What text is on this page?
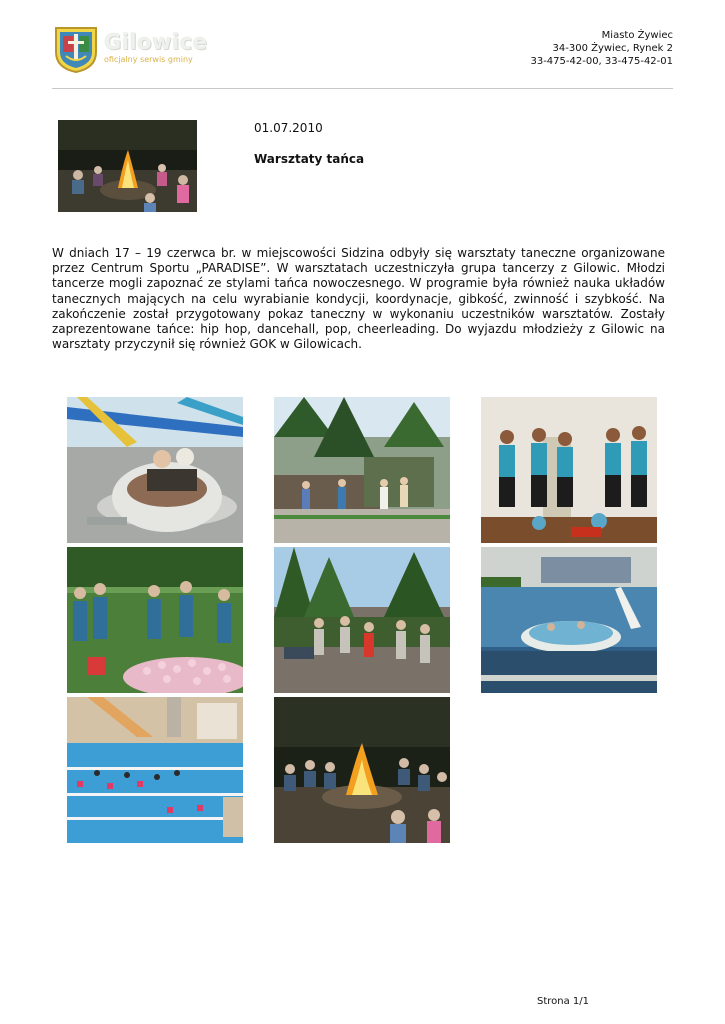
Gilowice
oficjalny serwis gminy
Miasto Żywiec
34-300 Żywiec, Rynek 2
33-475-42-00, 33-475-42-01
01.07.2010
Warsztaty tańca
W dniach 17 – 19 czerwca br. w miejscowości Sidzina odbyły się warsztaty taneczne organizowane przez Centrum Sportu „PARADISE”. W warsztatach uczestniczyła grupa tancerzy z Gilowic. Młodzi tancerze mogli zapoznać ze stylami tańca nowoczesnego. W programie była również nauka układów tanecznych mających na celu wyrabianie kondycji, koordynacje, gibkość, zwinność i szybkość. Na zakończenie został przygotowany pokaz taneczny w wykonaniu uczestników warsztatów. Zostały zaprezentowane tańce: hip hop, dancehall, pop, cheerleading. Do wyjazdu młodzieży z Gilowic na warsztaty przyczynił się również GOK w Gilowicach.
Strona 1/1
